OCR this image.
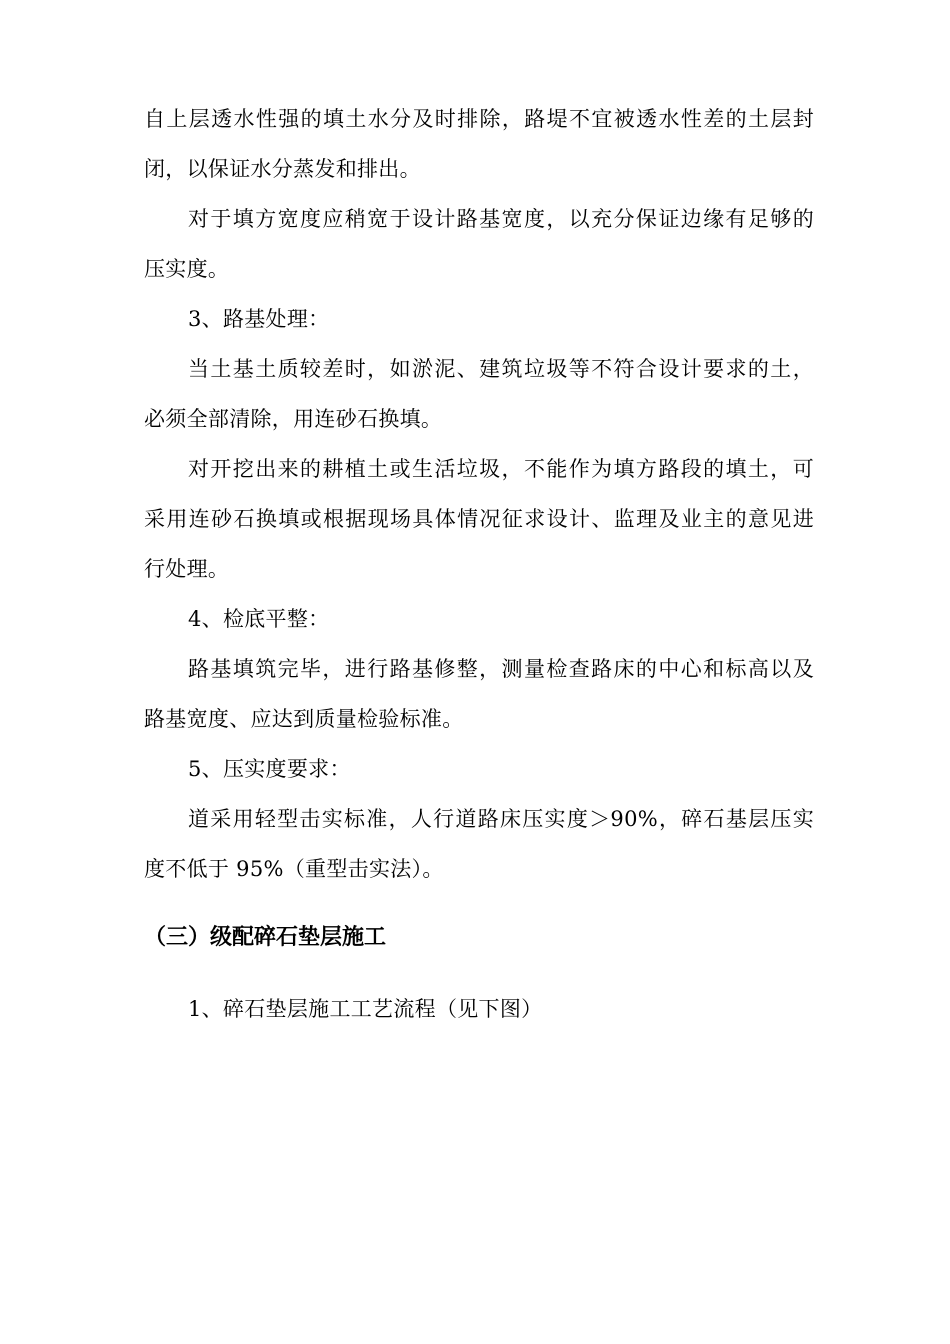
自上层透水性强的填土水分及时排除，路堤不宜被透水性差的土层封
闭，以保证水分蒸发和排出。
对于填方宽度应稍宽于设计路基宽度，以充分保证边缘有足够的
压实度。
3、路基处理：
当土基土质较差时，如淤泥、建筑垃圾等不符合设计要求的土，
必须全部清除，用连砂石换填。
对开挖出来的耕植土或生活垃圾，不能作为填方路段的填土，可
采用连砂石换填或根据现场具体情况征求设计、监理及业主的意见进
行处理。
4、检底平整：
路基填筑完毕，进行路基修整，测量检查路床的中心和标高以及
路基宽度、应达到质量检验标准。
5、压实度要求：
道采用轻型击实标准，人行道路床压实度＞90%，碎石基层压实
度不低于 95%（重型击实法）。
（三）级配碎石垫层施工
1、碎石垫层施工工艺流程（见下图）
